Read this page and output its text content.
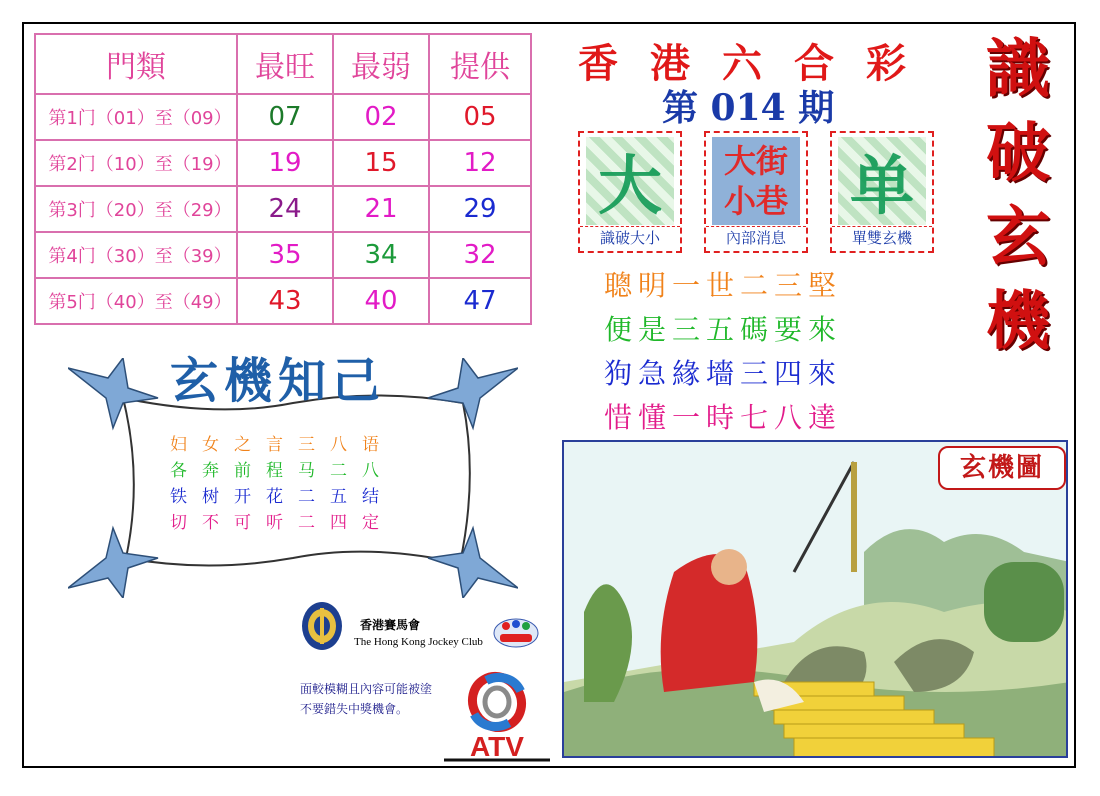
門類	最旺	最弱	提供
第1门（01）至（09）	07	02	05
第2门（10）至（19）	19	15	12
第3门（20）至（29）	24	21	29
第4门（30）至（39）	35	34	32
第5门（40）至（49）	43	40	47
香港六合彩
第 014 期
識
破
玄
機
大
識破大小
大街
小巷
內部消息
单
單雙玄機
聰明一世二三堅
便是三五碼要來
狗急緣墻三四來
惜懂一時七八達
玄機知己
妇女之言三八语
各奔前程马二八
铁树开花二五结
切不可听二四定
香港賽馬會
The Hong Kong Jockey Club
面較模糊且內容可能被塗
不要錯失中獎機會。
ATV
玄機圖
